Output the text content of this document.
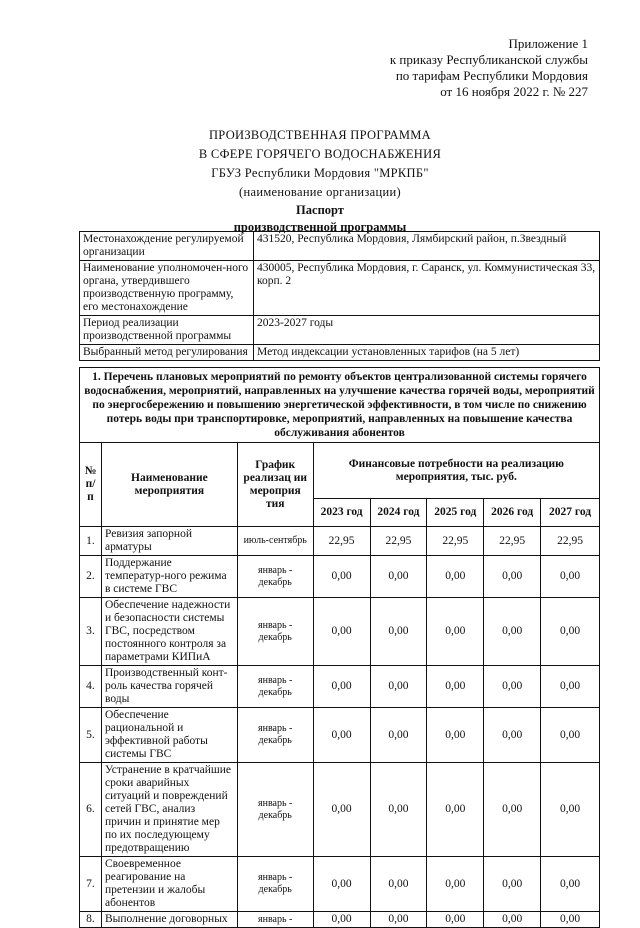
Приложение 1
к приказу Республиканской службы
по тарифам Республики Мордовия
от 16 ноября 2022 г. № 227
ПРОИЗВОДСТВЕННАЯ ПРОГРАММА
В СФЕРЕ ГОРЯЧЕГО ВОДОСНАБЖЕНИЯ
ГБУЗ Республики Мордовия "МРКПБ"
(наименование организации)
Паспорт
производственной программы
Местонахождение регулируемой организации	431520, Республика Мордовия, Лямбирский район, п.Звездный
Наименование уполномочен-ного органа, утвердившего производственную программу, его местонахождение	430005, Республика Мордовия, г. Саранск, ул. Коммунистическая 33, корп. 2
Период реализации производственной программы	2023-2027 годы
Выбранный метод регулирования	Метод индексации установленных тарифов (на 5 лет)
1. Перечень плановых мероприятий по ремонту объектов централизованной системы горячего водоснабжения, мероприятий, направленных на улучшение качества горячей воды, мероприятий по энергосбережению и повышению энергетической эффективности, в том числе по снижению потерь воды при транспортировке, мероприятий, направленных на повышение качества обслуживания абонентов							
№ п/ п	Наименование мероприятия	График реализац ии мероприя тия	Финансовые потребности на реализацию мероприятия, тыс. руб.				
			2023 год	2024 год	2025 год	2026 год	2027 год
1.	Ревизия запорной арматуры	июль-сентябрь	22,95	22,95	22,95	22,95	22,95
2.	Поддержание температур-ного режима в системе ГВС	январь - декабрь	0,00	0,00	0,00	0,00	0,00
3.	Обеспечение надежности и безопасности системы ГВС, посредством постоянного контроля за параметрами КИПиА	январь - декабрь	0,00	0,00	0,00	0,00	0,00
4.	Производственный конт-роль качества горячей воды	январь - декабрь	0,00	0,00	0,00	0,00	0,00
5.	Обеспечение рациональной и эффективной работы системы ГВС	январь - декабрь	0,00	0,00	0,00	0,00	0,00
6.	Устранение в кратчайшие сроки аварийных ситуаций и повреждений сетей ГВС, анализ причин и принятие мер по их последующему предотвращению	январь - декабрь	0,00	0,00	0,00	0,00	0,00
7.	Своевременное реагирование на претензии и жалобы абонентов	январь - декабрь	0,00	0,00	0,00	0,00	0,00
8.	Выполнение договорных	январь -	0,00	0,00	0,00	0,00	0,00
